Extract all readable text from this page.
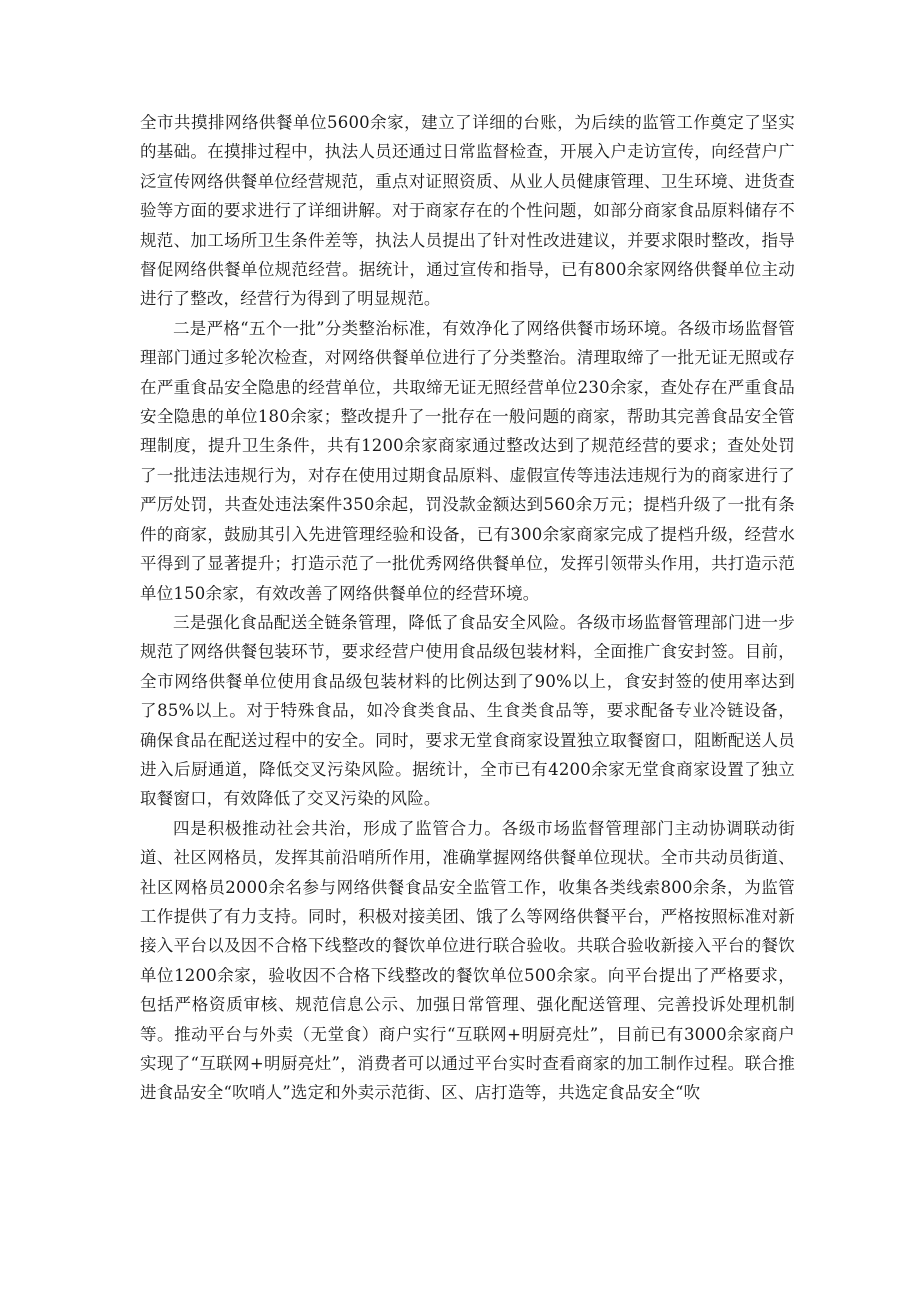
全市共摸排网络供餐单位5600余家，建立了详细的台账，为后续的监管工作奠定了坚实的基础。在摸排过程中，执法人员还通过日常监督检查，开展入户走访宣传，向经营户广泛宣传网络供餐单位经营规范，重点对证照资质、从业人员健康管理、卫生环境、进货查验等方面的要求进行了详细讲解。对于商家存在的个性问题，如部分商家食品原料储存不规范、加工场所卫生条件差等，执法人员提出了针对性改进建议，并要求限时整改，指导督促网络供餐单位规范经营。据统计，通过宣传和指导，已有800余家网络供餐单位主动进行了整改，经营行为得到了明显规范。

二是严格“五个一批”分类整治标准，有效净化了网络供餐市场环境。各级市场监督管理部门通过多轮次检查，对网络供餐单位进行了分类整治。清理取缔了一批无证无照或存在严重食品安全隐患的经营单位，共取缔无证无照经营单位230余家，查处存在严重食品安全隐患的单位180余家；整改提升了一批存在一般问题的商家，帮助其完善食品安全管理制度，提升卫生条件，共有1200余家商家通过整改达到了规范经营的要求；查处处罚了一批违法违规行为，对存在使用过期食品原料、虚假宣传等违法违规行为的商家进行了严厉处罚，共查处违法案件350余起，罚没款金额达到560余万元；提档升级了一批有条件的商家，鼓励其引入先进管理经验和设备，已有300余家商家完成了提档升级，经营水平得到了显著提升；打造示范了一批优秀网络供餐单位，发挥引领带头作用，共打造示范单位150余家，有效改善了网络供餐单位的经营环境。

三是强化食品配送全链条管理，降低了食品安全风险。各级市场监督管理部门进一步规范了网络供餐包装环节，要求经营户使用食品级包装材料，全面推广食安封签。目前，全市网络供餐单位使用食品级包装材料的比例达到了90%以上，食安封签的使用率达到了85%以上。对于特殊食品，如冷食类食品、生食类食品等，要求配备专业冷链设备，确保食品在配送过程中的安全。同时，要求无堂食商家设置独立取餐窗口，阻断配送人员进入后厨通道，降低交叉污染风险。据统计，全市已有4200余家无堂食商家设置了独立取餐窗口，有效降低了交叉污染的风险。

四是积极推动社会共治，形成了监管合力。各级市场监督管理部门主动协调联动街道、社区网格员，发挥其前沿哨所作用，准确掌握网络供餐单位现状。全市共动员街道、社区网格员2000余名参与网络供餐食品安全监管工作，收集各类线索800余条，为监管工作提供了有力支持。同时，积极对接美团、饿了么等网络供餐平台，严格按照标准对新接入平台以及因不合格下线整改的餐饮单位进行联合验收。共联合验收新接入平台的餐饮单位1200余家，验收因不合格下线整改的餐饮单位500余家。向平台提出了严格要求，包括严格资质审核、规范信息公示、加强日常管理、强化配送管理、完善投诉处理机制等。推动平台与外卖（无堂食）商户实行“互联网+明厨亮灶”，目前已有3000余家商户实现了“互联网+明厨亮灶”，消费者可以通过平台实时查看商家的加工制作过程。联合推进食品安全“吹哨人”选定和外卖示范街、区、店打造等，共选定食品安全“吹
